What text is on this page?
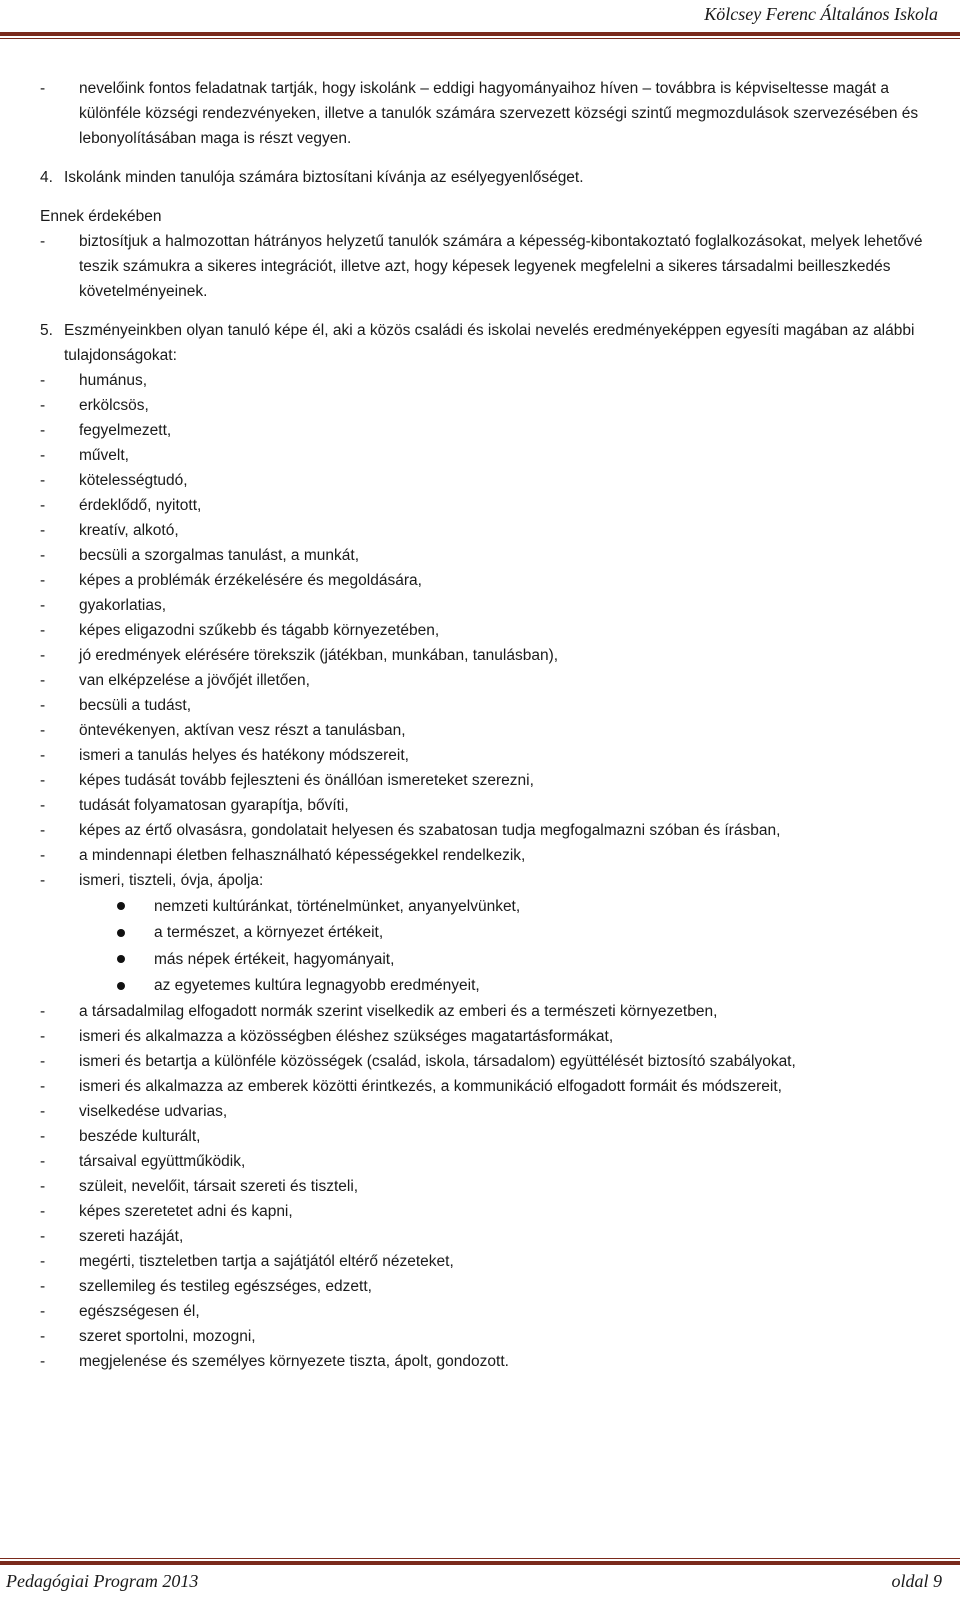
Kölcsey Ferenc Általános Iskola
-	nevelőink fontos feladatnak tartják, hogy iskolánk – eddigi hagyományaihoz híven – továbbra is képviseltesse magát a különféle községi rendezvényeken, illetve a tanulók számára szervezett községi szintű megmozdulások szervezésében és lebonyolításában maga is részt vegyen.
4. Iskolánk minden tanulója számára biztosítani kívánja az esélyegyenlőséget.
Ennek érdekében
-	biztosítjuk a halmozottan hátrányos helyzetű tanulók számára a képesség-kibontakoztató foglalkozásokat, melyek lehetővé teszik számukra a sikeres integrációt, illetve azt, hogy képesek legyenek megfelelni a sikeres társadalmi beilleszkedés követelményeinek.
5. Eszményeinkben olyan tanuló képe él, aki a közös családi és iskolai nevelés eredményeképpen egyesíti magában az alábbi tulajdonságokat:
-	humánus,
-	erkölcsös,
-	fegyelmezett,
-	művelt,
-	kötelességtudó,
-	érdeklődő, nyitott,
-	kreatív, alkotó,
-	becsüli a szorgalmas tanulást, a munkát,
-	képes a problémák érzékelésére és megoldására,
-	gyakorlatias,
-	képes eligazodni szűkebb és tágabb környezetében,
-	jó eredmények elérésére törekszik (játékban, munkában, tanulásban),
-	van elképzelése a jövőjét illetően,
-	becsüli a tudást,
-	öntevékenyen, aktívan vesz részt a tanulásban,
-	ismeri a tanulás helyes és hatékony módszereit,
-	képes tudását tovább fejleszteni és önállóan ismereteket szerezni,
-	tudását folyamatosan gyarapítja, bővíti,
-	képes az értő olvasásra, gondolatait helyesen és szabatosan tudja megfogalmazni szóban és írásban,
-	a mindennapi életben felhasználható képességekkel rendelkezik,
-	ismeri, tiszteli, óvja, ápolja:
nemzeti kultúránkat, történelmünket, anyanyelvünket,
a természet, a környezet értékeit,
más népek értékeit, hagyományait,
az egyetemes kultúra legnagyobb eredményeit,
-	a társadalmilag elfogadott normák szerint viselkedik az emberi és a természeti környezetben,
-	ismeri és alkalmazza a közösségben éléshez szükséges magatartásformákat,
-	ismeri és betartja a különféle közösségek (család, iskola, társadalom) együttélését biztosító szabályokat,
-	ismeri és alkalmazza az emberek közötti érintkezés, a kommunikáció elfogadott formáit és módszereit,
-	viselkedése udvarias,
-	beszéde kulturált,
-	társaival együttműködik,
-	szüleit, nevelőit, társait szereti és tiszteli,
-	képes szeretetet adni és kapni,
-	szereti hazáját,
-	megérti, tiszteletben tartja a sajátjától eltérő nézeteket,
-	szellemileg és testileg egészséges, edzett,
-	egészségesen él,
-	szeret sportolni, mozogni,
-	megjelenése és személyes környezete tiszta, ápolt, gondozott.
Pedagógiai Program 2013	oldal 9
